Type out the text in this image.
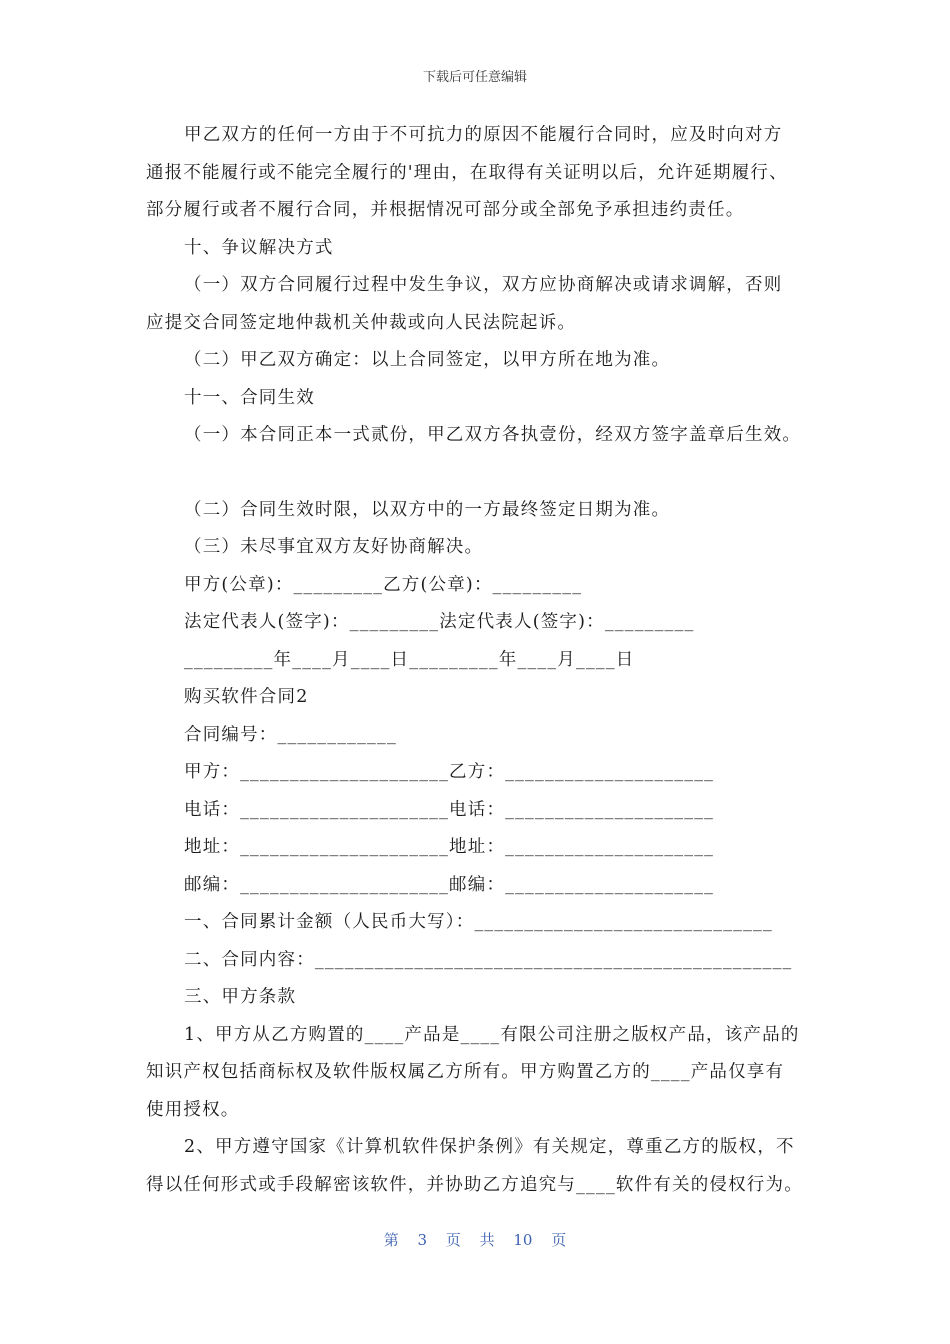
下载后可任意编辑
甲乙双方的任何一方由于不可抗力的原因不能履行合同时，应及时向对方
通报不能履行或不能完全履行的'理由，在取得有关证明以后，允许延期履行、
部分履行或者不履行合同，并根据情况可部分或全部免予承担违约责任。
十、争议解决方式
（一）双方合同履行过程中发生争议，双方应协商解决或请求调解，否则
应提交合同签定地仲裁机关仲裁或向人民法院起诉。
（二）甲乙双方确定：以上合同签定，以甲方所在地为准。
十一、合同生效
（一）本合同正本一式贰份，甲乙双方各执壹份，经双方签字盖章后生效。
（二）合同生效时限，以双方中的一方最终签定日期为准。
（三）未尽事宜双方友好协商解决。
甲方(公章)：_________乙方(公章)：_________
法定代表人(签字)：_________法定代表人(签字)：_________
_________年____月____日_________年____月____日
购买软件合同2
合同编号：____________
甲方：_____________________乙方：_____________________
电话：_____________________电话：_____________________
地址：_____________________地址：_____________________
邮编：_____________________邮编：_____________________
一、合同累计金额（人民币大写）：______________________________
二、合同内容：________________________________________________
三、甲方条款
1、甲方从乙方购置的____产品是____有限公司注册之版权产品，该产品的
知识产权包括商标权及软件版权属乙方所有。甲方购置乙方的____产品仅享有
使用授权。
2、甲方遵守国家《计算机软件保护条例》有关规定，尊重乙方的版权，不
得以任何形式或手段解密该软件，并协助乙方追究与____软件有关的侵权行为。
第 3 页 共 10 页
